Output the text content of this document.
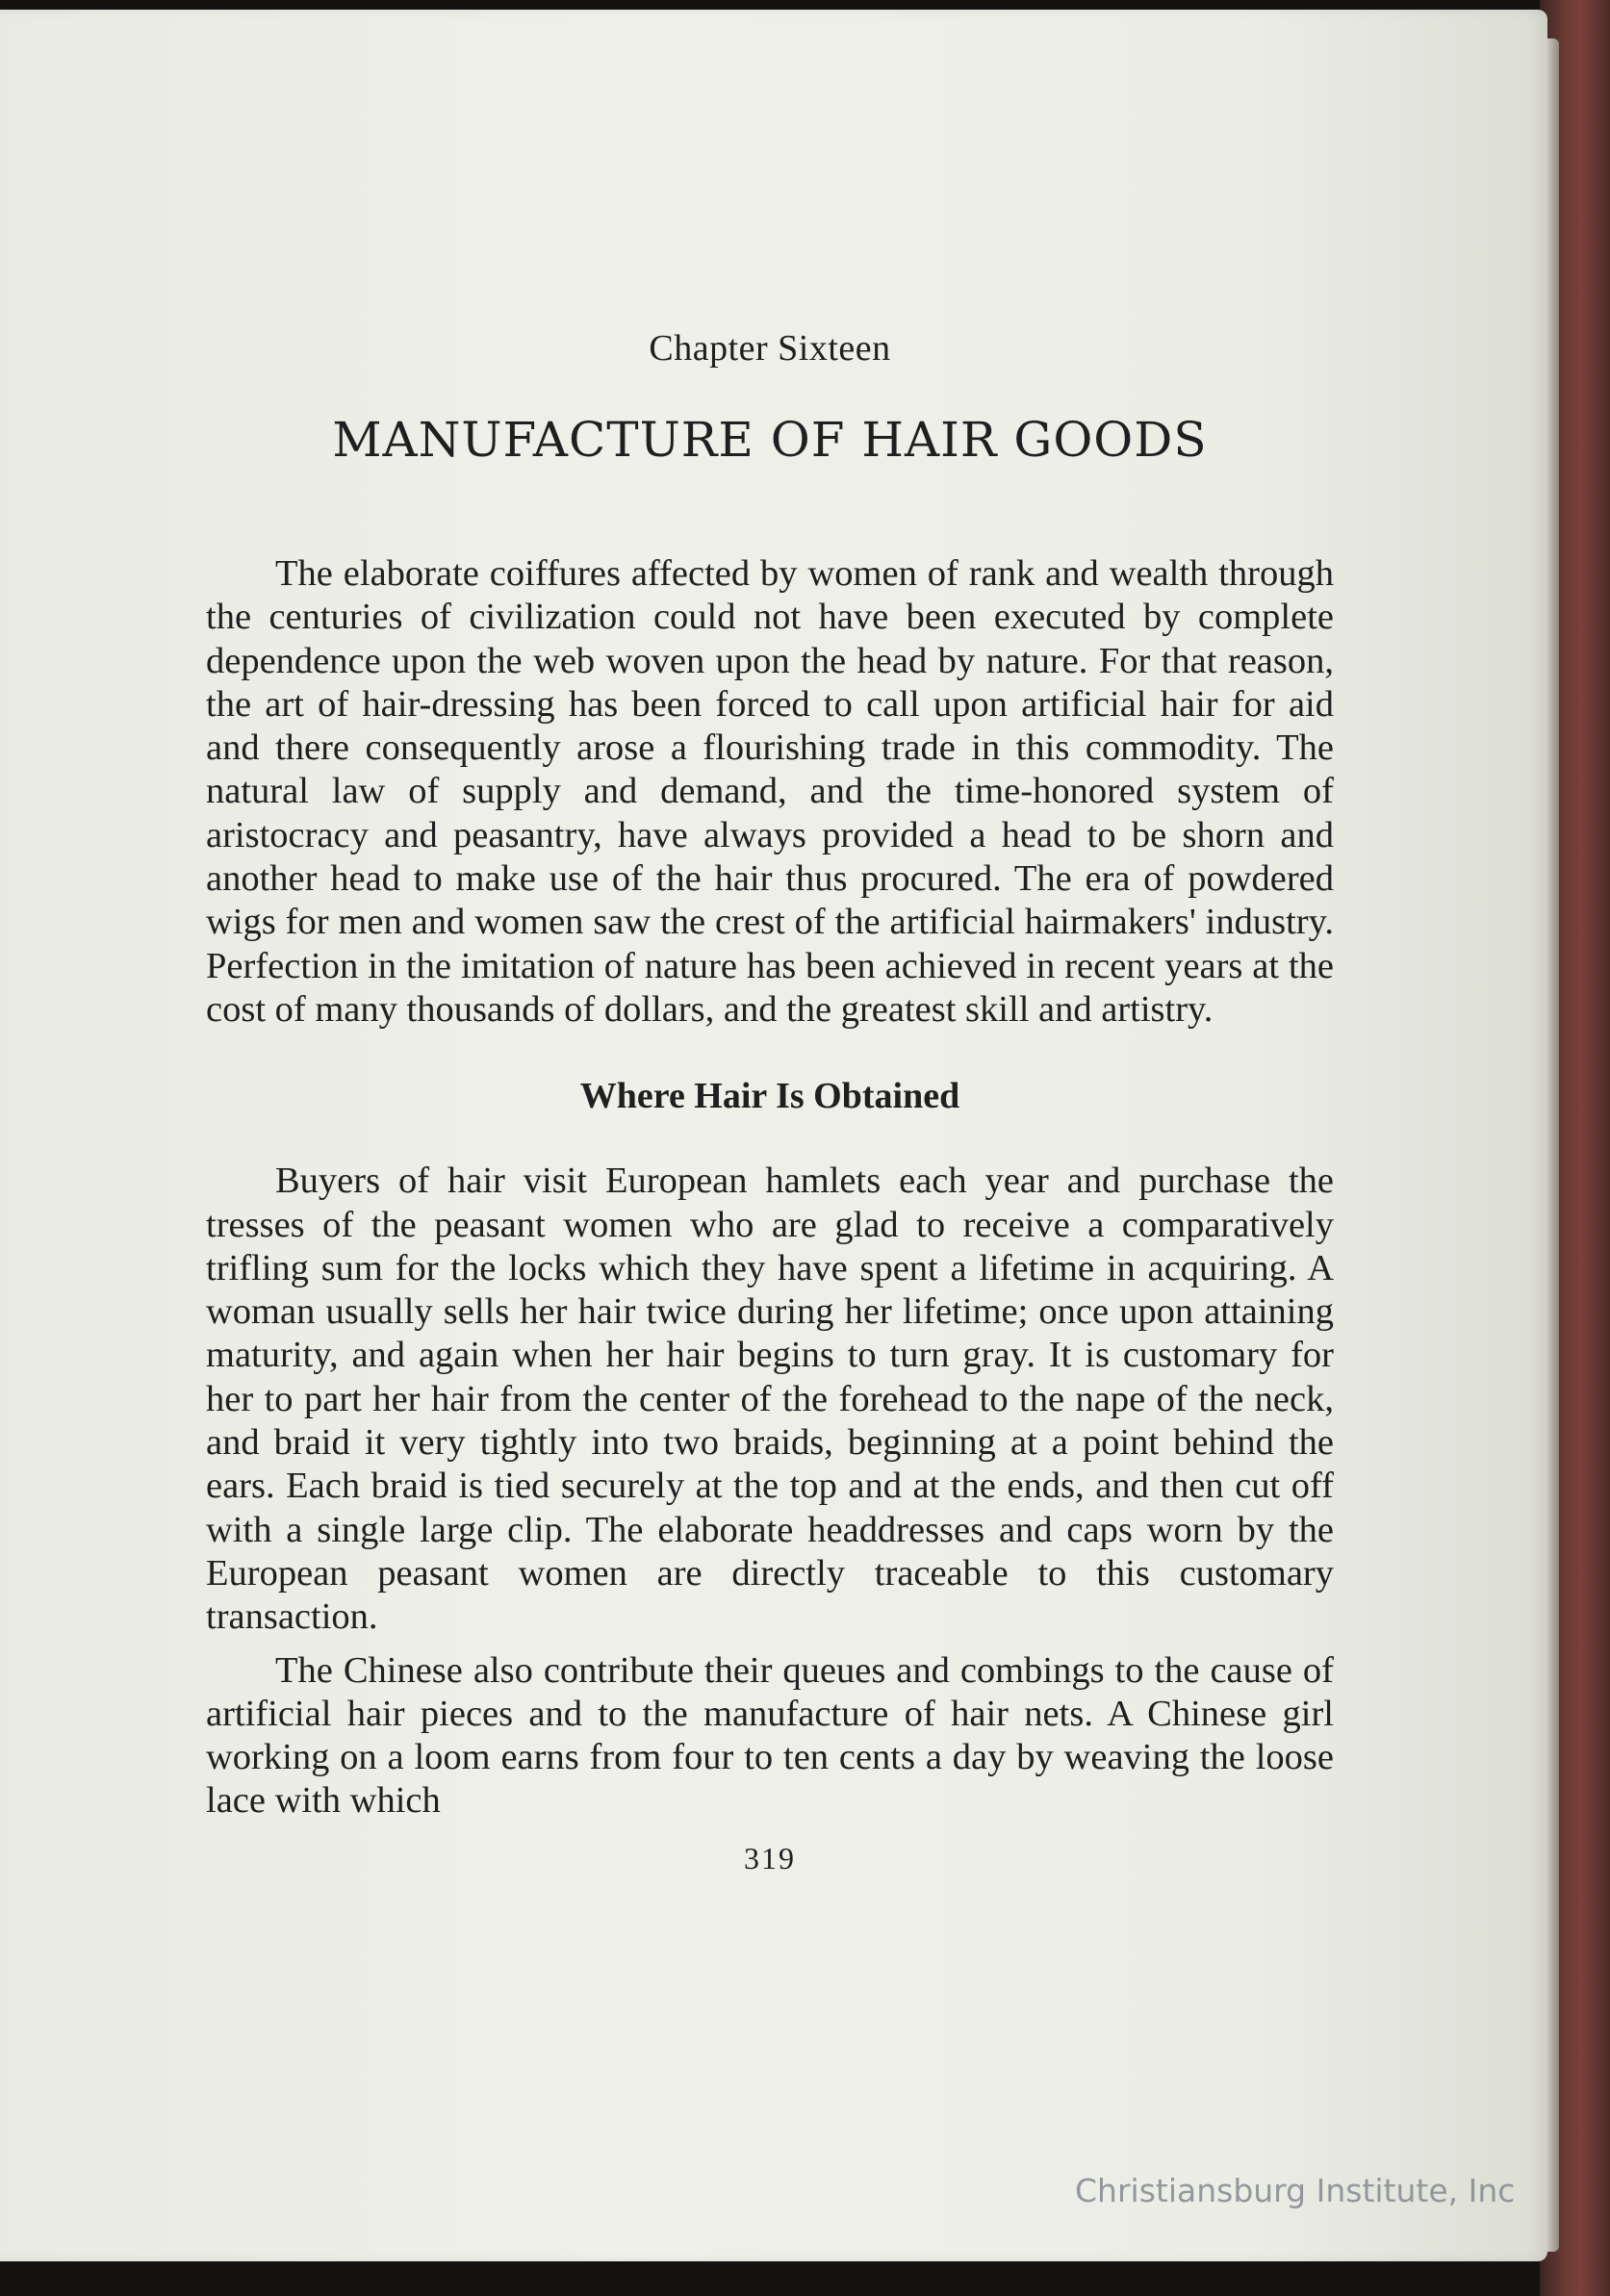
Chapter Sixteen
MANUFACTURE OF HAIR GOODS

The elaborate coiffures affected by women of rank and wealth through the centuries of civilization could not have been executed by complete dependence upon the web woven upon the head by nature. For that reason, the art of hair-dressing has been forced to call upon artificial hair for aid and there consequently arose a flourishing trade in this commodity. The natural law of supply and demand, and the time-honored system of aristocracy and peasantry, have always provided a head to be shorn and another head to make use of the hair thus procured. The era of powdered wigs for men and women saw the crest of the artificial hairmakers' industry. Perfection in the imitation of nature has been achieved in recent years at the cost of many thousands of dollars, and the greatest skill and artistry.

Where Hair Is Obtained

Buyers of hair visit European hamlets each year and purchase the tresses of the peasant women who are glad to receive a comparatively trifling sum for the locks which they have spent a lifetime in acquiring. A woman usually sells her hair twice during her lifetime; once upon attaining maturity, and again when her hair begins to turn gray. It is customary for her to part her hair from the center of the forehead to the nape of the neck, and braid it very tightly into two braids, beginning at a point behind the ears. Each braid is tied securely at the top and at the ends, and then cut off with a single large clip. The elaborate headdresses and caps worn by the European peasant women are directly traceable to this customary transaction.

The Chinese also contribute their queues and combings to the cause of artificial hair pieces and to the manufacture of hair nets. A Chinese girl working on a loom earns from four to ten cents a day by weaving the loose lace with which

319
Christiansburg Institute, Inc
